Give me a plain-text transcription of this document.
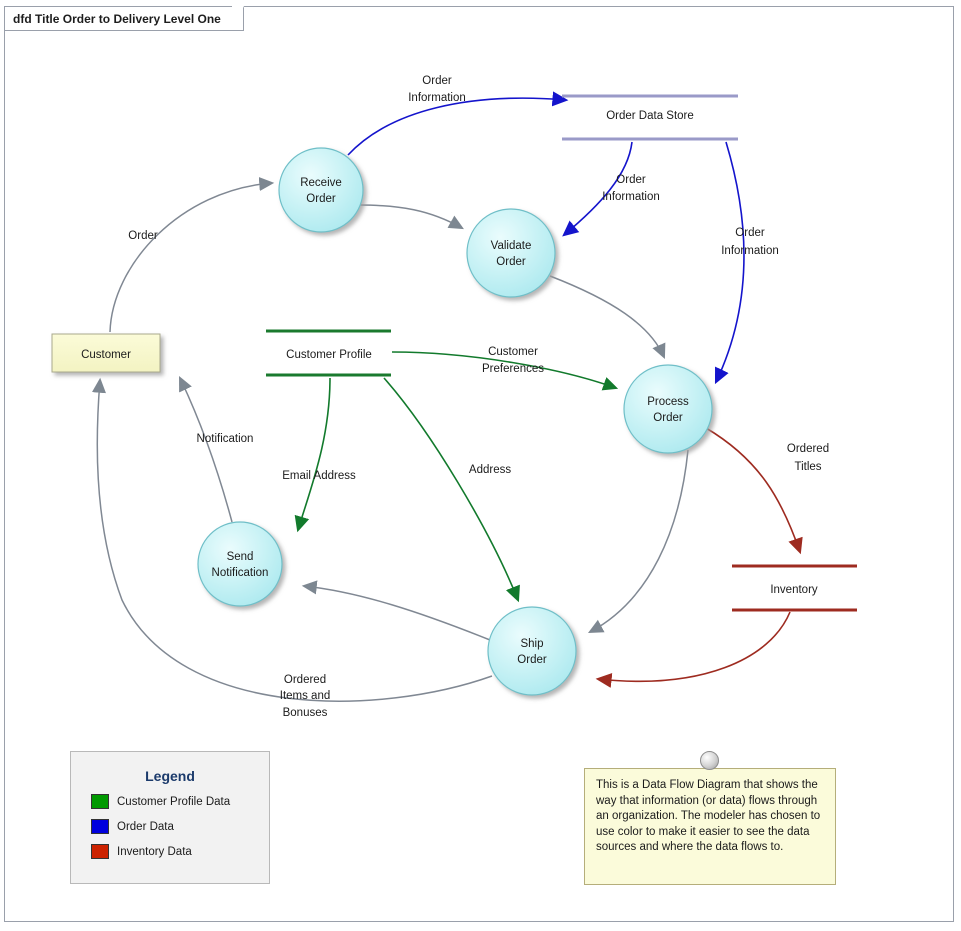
dfd Title Order to Delivery Level One
Order
Information
Order
Information
Order
Information
Order
Customer
Preferences
Email Address	Address
Notification
Ordered
Titles
Ordered
Items and
Bonuses
Order Data Store
Customer Profile
Inventory
Customer
Receive
Order
Validate
Order
Process
Order
Send
Notification
Ship
Order
Legend
Customer Profile Data
Order Data
Inventory Data
This is a Data Flow Diagram that shows the way that information (or data) flows through an organization. The modeler has chosen to use color to make it easier to see the data sources and where the data flows to.
